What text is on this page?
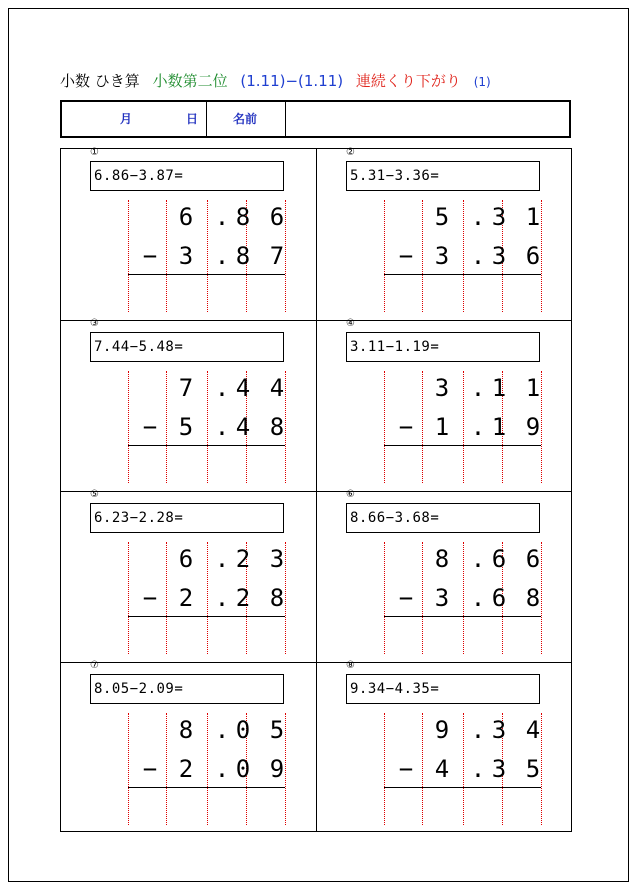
小数 ひき算 小数第二位 (1.11)−(1.11) 連続くり下がり (1)
月	日	名前
①
6.86−3.87=
6 . 8 6
3 . 8 7
−
②
5.31−3.36=
5 . 3 1
3 . 3 6
−
③
7.44−5.48=
7 . 4 4
5 . 4 8
−
④
3.11−1.19=
3 . 1 1
1 . 1 9
−
⑤
6.23−2.28=
6 . 2 3
2 . 2 8
−
⑥
8.66−3.68=
8 . 6 6
3 . 6 8
−
⑦
8.05−2.09=
8 . 0 5
2 . 0 9
−
⑧
9.34−4.35=
9 . 3 4
4 . 3 5
−
